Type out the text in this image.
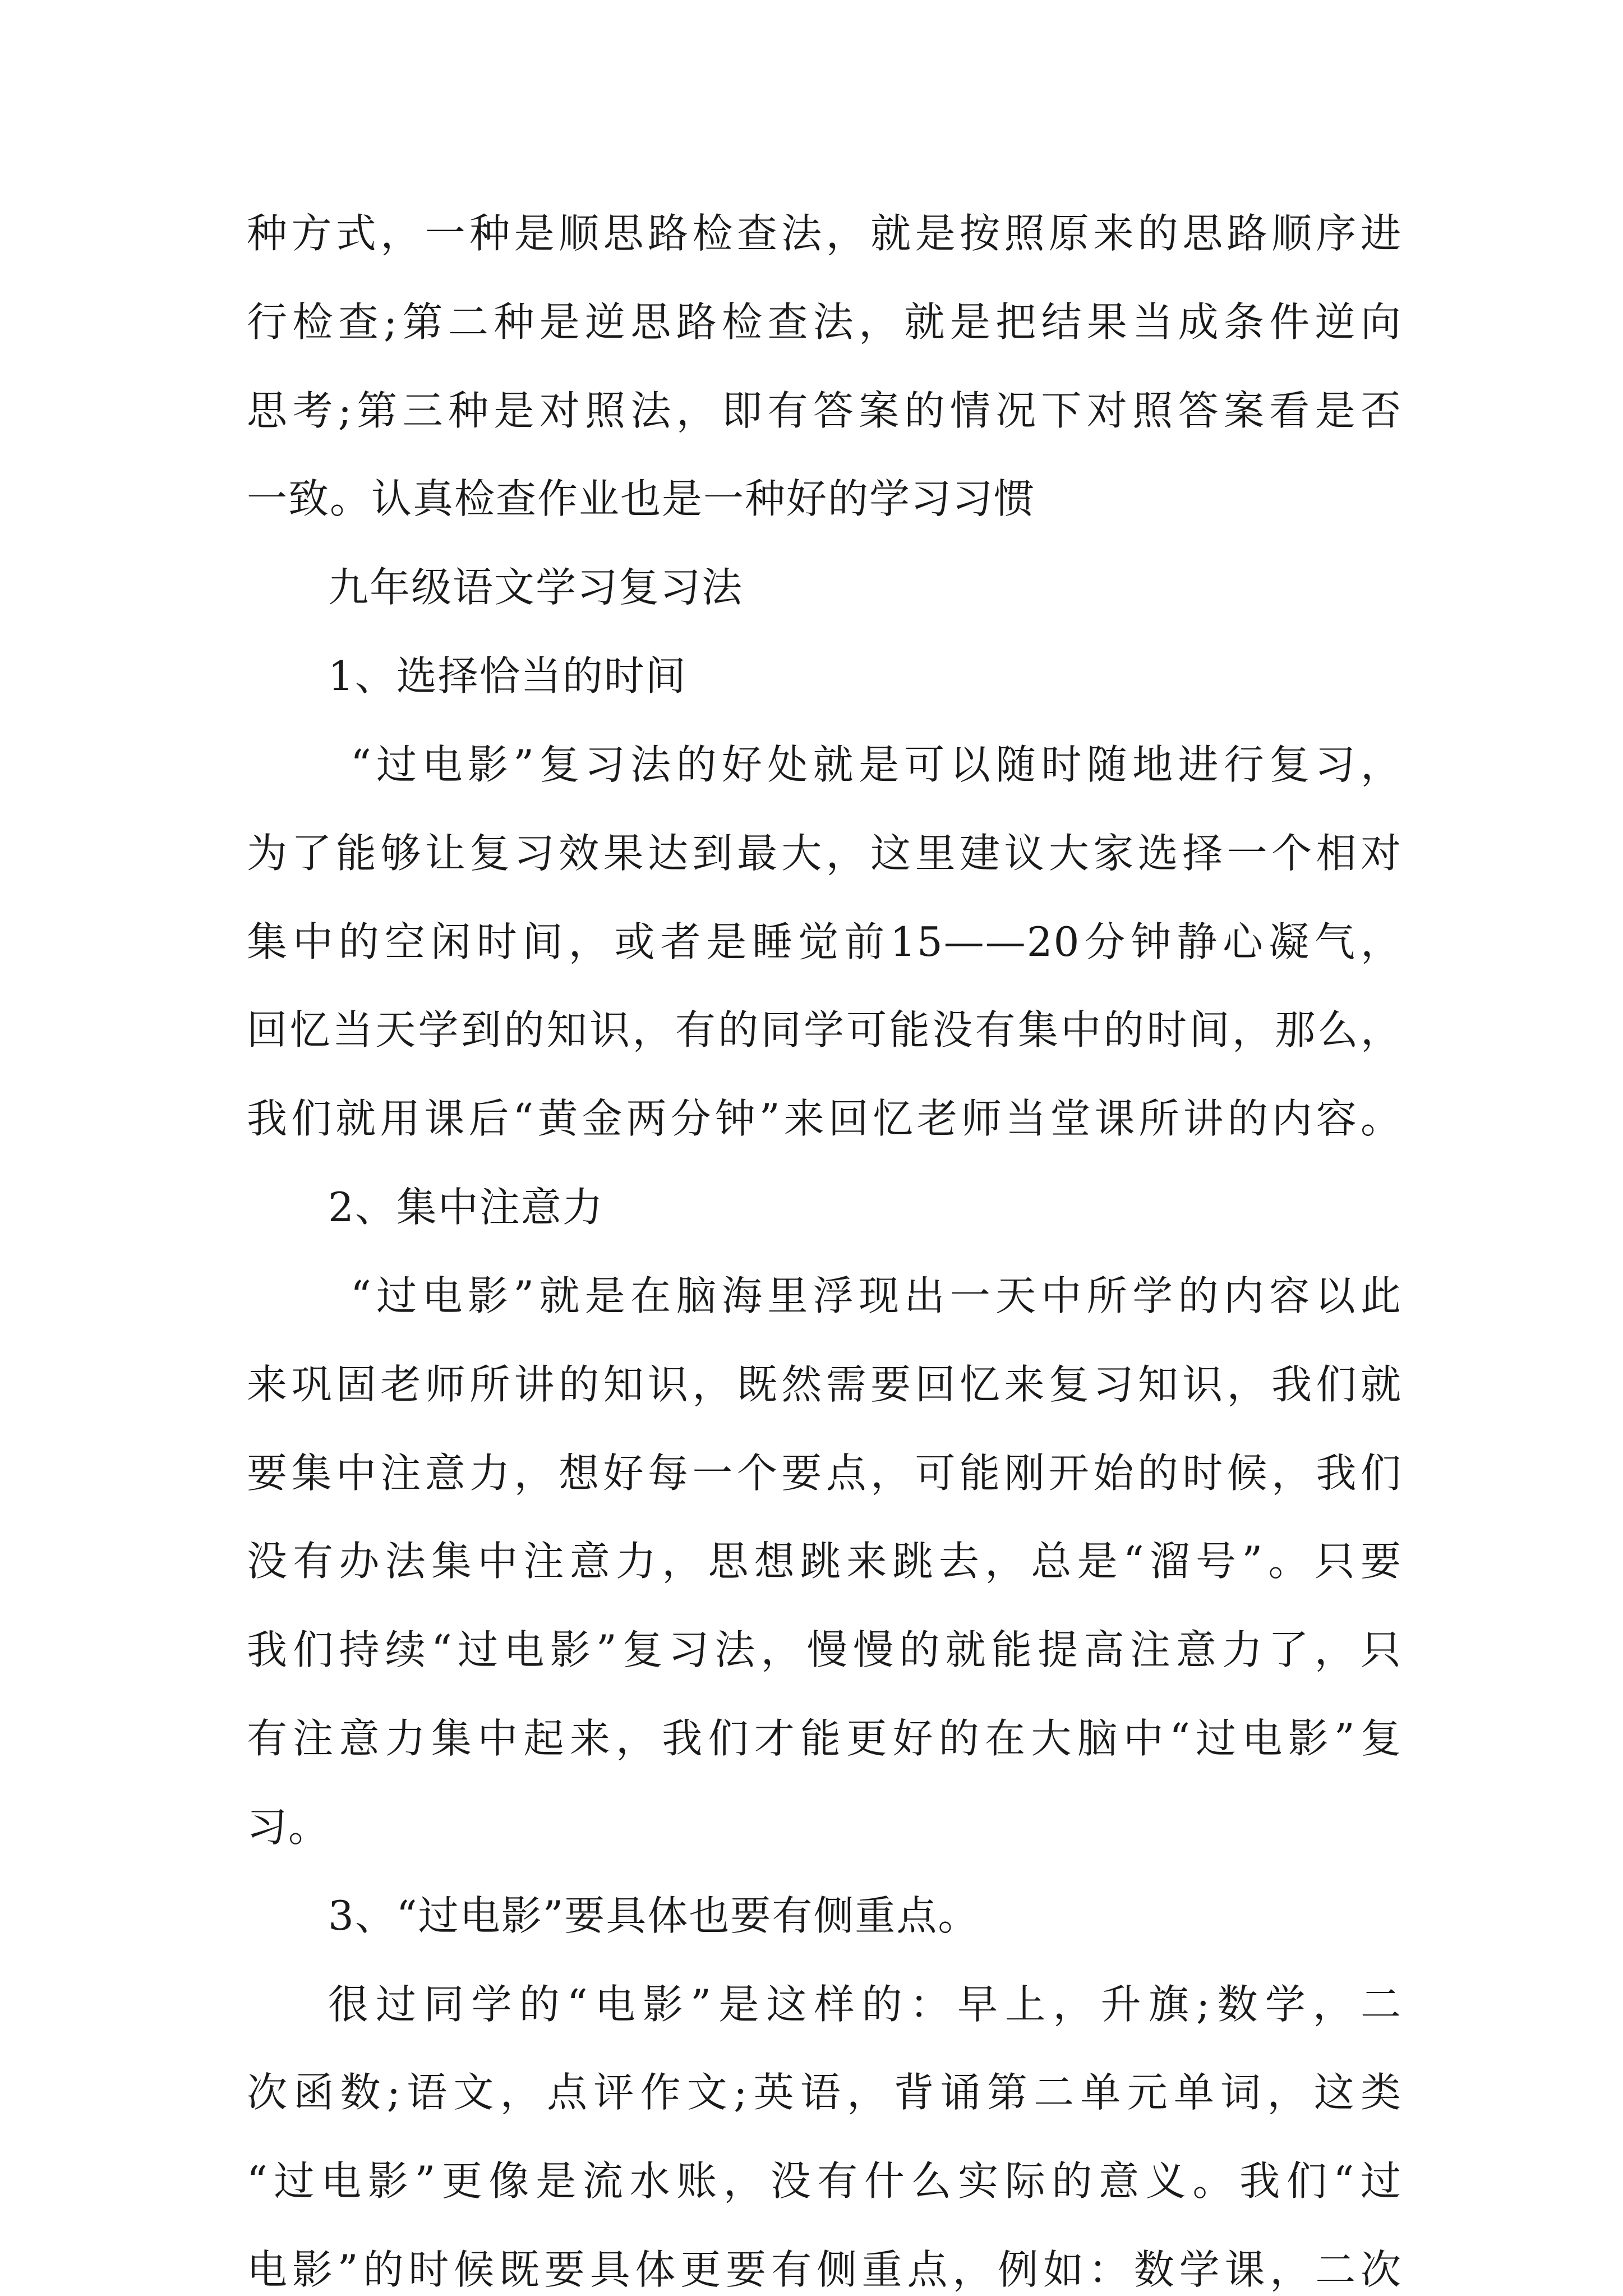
种方式，一种是顺思路检查法，就是按照原来的思路顺序进
行检查;第二种是逆思路检查法，就是把结果当成条件逆向
思考;第三种是对照法，即有答案的情况下对照答案看是否
一致。认真检查作业也是一种好的学习习惯
九年级语文学习复习法
1、选择恰当的时间
“过电影”复习法的好处就是可以随时随地进行复习，
为了能够让复习效果达到最大，这里建议大家选择一个相对
集中的空闲时间，或者是睡觉前15——20分钟静心凝气，
回忆当天学到的知识，有的同学可能没有集中的时间，那么，
我们就用课后“黄金两分钟”来回忆老师当堂课所讲的内容。
2、集中注意力
“过电影”就是在脑海里浮现出一天中所学的内容以此
来巩固老师所讲的知识，既然需要回忆来复习知识，我们就
要集中注意力，想好每一个要点，可能刚开始的时候，我们
没有办法集中注意力，思想跳来跳去，总是“溜号”。只要
我们持续“过电影”复习法，慢慢的就能提高注意力了，只
有注意力集中起来，我们才能更好的在大脑中“过电影”复
习。
3、“过电影”要具体也要有侧重点。
很过同学的“电影”是这样的：早上，升旗;数学，二
次函数;语文，点评作文;英语，背诵第二单元单词，这类
“过电影”更像是流水账，没有什么实际的意义。我们“过
电影”的时候既要具体更要有侧重点，例如：数学课，二次
